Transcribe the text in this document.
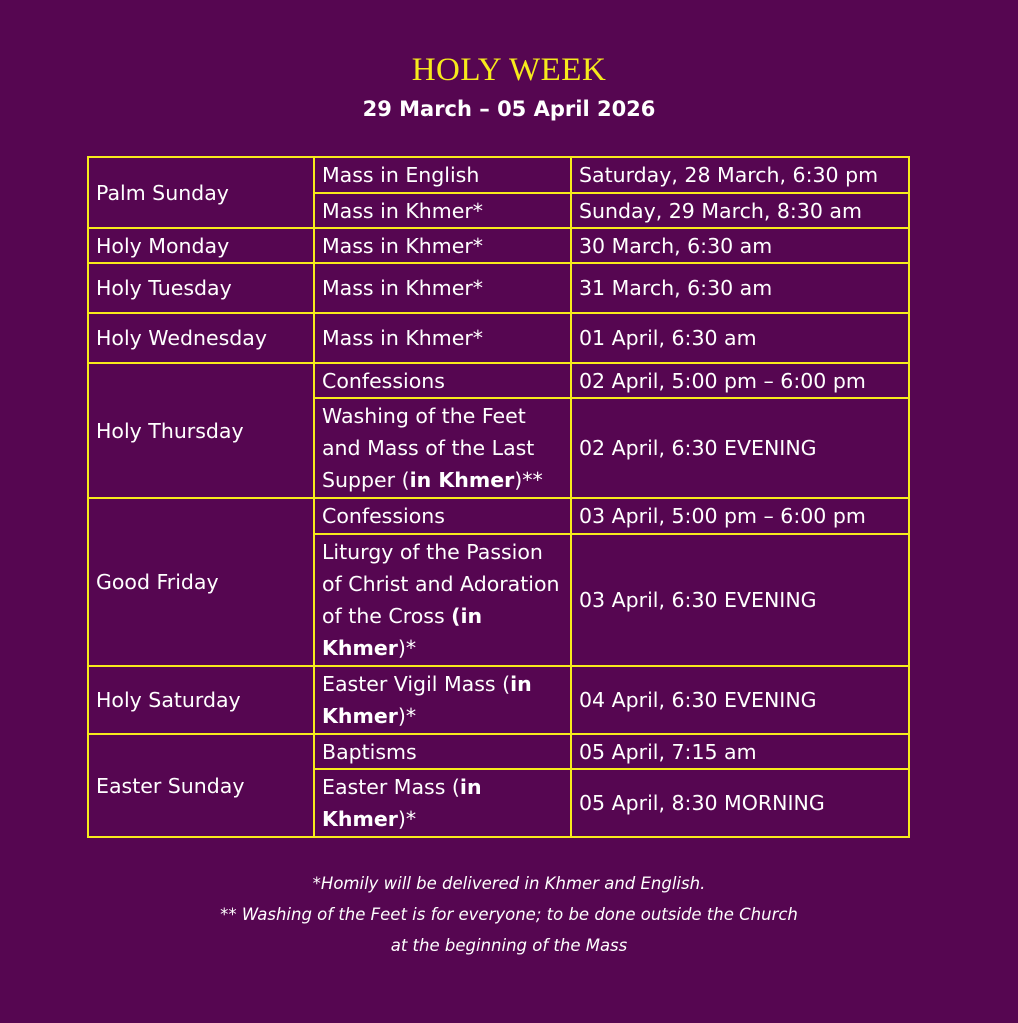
HOLY WEEK
29 March – 05 April 2026
Palm Sunday	Mass in English	Saturday, 28 March, 6:30 pm
	Mass in Khmer*	Sunday, 29 March, 8:30 am
Holy Monday	Mass in Khmer*	30 March, 6:30 am
Holy Tuesday	Mass in Khmer*	31 March, 6:30 am
Holy Wednesday	Mass in Khmer*	01 April, 6:30 am
Holy Thursday	Confessions	02 April, 5:00 pm – 6:00 pm
	Washing of the Feet and Mass of the Last Supper (in Khmer)**	02 April, 6:30 EVENING
Good Friday	Confessions	03 April, 5:00 pm – 6:00 pm
	Liturgy of the Passion of Christ and Adoration of the Cross (in Khmer)*	03 April, 6:30 EVENING
Holy Saturday	Easter Vigil Mass (in Khmer)*	04 April, 6:30 EVENING
Easter Sunday	Baptisms	05 April, 7:15 am
	Easter Mass (in Khmer)*	05 April, 8:30 MORNING
*Homily will be delivered in Khmer and English.
** Washing of the Feet is for everyone; to be done outside the Church
at the beginning of the Mass
